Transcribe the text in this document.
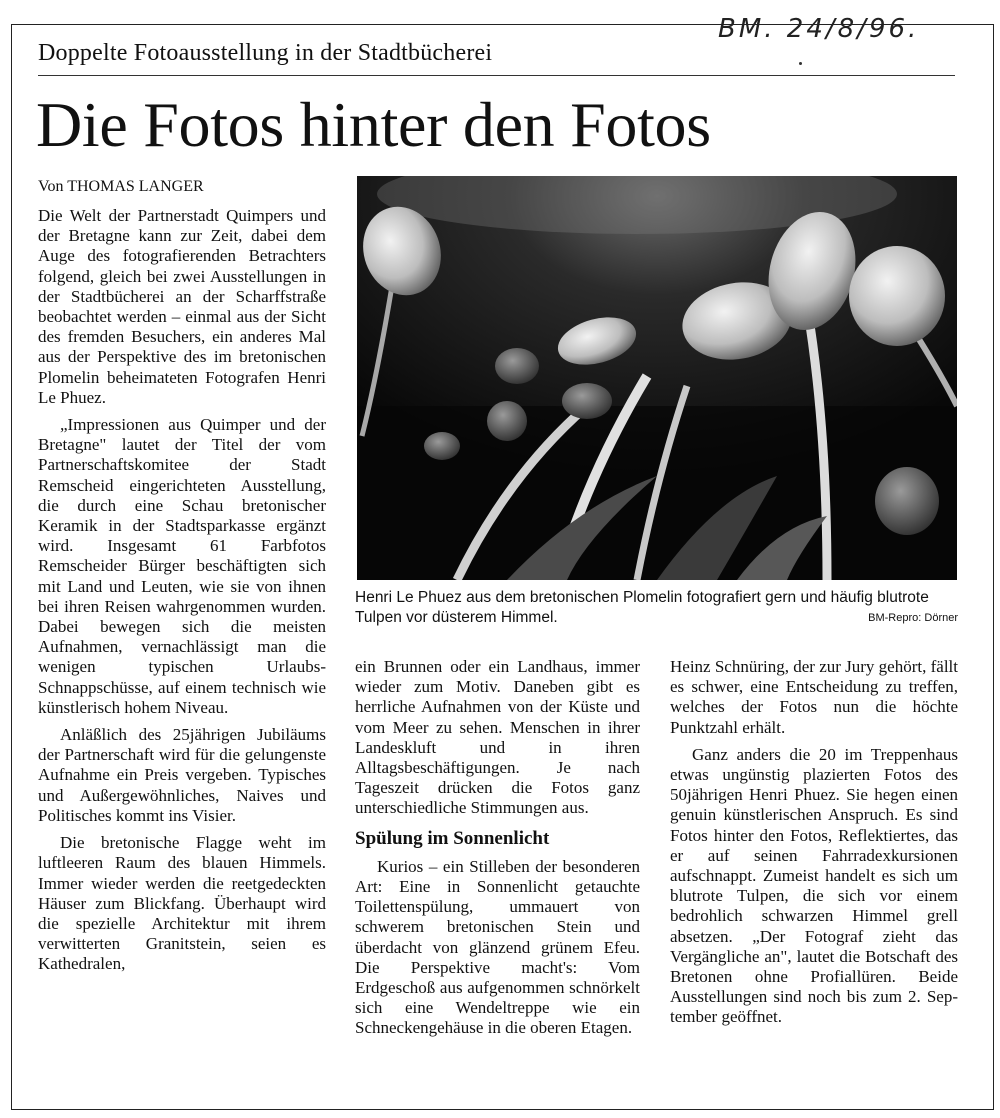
BM. 24/8/96.
Doppelte Fotoausstellung in der Stadtbücherei
Die Fotos hinter den Fotos
Von THOMAS LANGER

Die Welt der Partnerstadt Quimpers und der Bretagne kann zur Zeit, dabei dem Auge des fotografierenden Betrachters folgend, gleich bei zwei Ausstellungen in der Stadtbücherei an der Scharffstraße beobachtet werden – einmal aus der Sicht des fremden Besuchers, ein anderes Mal aus der Perspektive des im bretonischen Plomelin beheimateten Fotografen Henri Le Phuez.

„Impressionen aus Quimper und der Bretagne" lautet der Titel der vom Partnerschaftskomitee der Stadt Remscheid eingerichteten Ausstellung, die durch eine Schau bretonischer Keramik in der Stadtsparkasse ergänzt wird. Insgesamt 61 Farbfotos Remscheider Bürger beschäftigten sich mit Land und Leuten, wie sie von ihnen bei ihren Reisen wahrgenommen wurden. Dabei bewegen sich die meisten Aufnahmen, vernachlässigt man die wenigen typischen Urlaubs-Schnappschüsse, auf einem technisch wie künstlerisch hohem Niveau.

Anläßlich des 25jährigen Jubiläums der Partnerschaft wird für die gelungenste Aufnahme ein Preis vergeben. Typisches und Außergewöhnliches, Naives und Politisches kommt ins Visier.

Die bretonische Flagge weht im luftleeren Raum des blauen Himmels. Immer wieder werden die reetgedeckten Häuser zum Blickfang. Überhaupt wird die spezielle Architektur mit ihrem verwitterten Granitstein, seien es Kathedralen,

Henri Le Phuez aus dem bretonischen Plomelin fotografiert gern und häufig blutrote Tulpen vor düsterem Himmel.	BM-Repro: Dörner

ein Brunnen oder ein Landhaus, immer wieder zum Motiv. Daneben gibt es herrliche Aufnahmen von der Küste und vom Meer zu sehen. Menschen in ihrer Landeskluft und in ihren Alltagsbeschäftigungen. Je nach Tageszeit drücken die Fotos ganz unterschiedliche Stimmungen aus.

Spülung im Sonnenlicht

Kurios – ein Stilleben der besonderen Art: Eine in Sonnenlicht getauchte Toilettenspülung, ummauert von schwerem bretonischen Stein und überdacht von glänzend grünem Efeu. Die Perspektive macht's: Vom Erdgeschoß aus aufgenommen schnörkelt sich eine Wendeltreppe wie ein Schneckengehäuse in die oberen Etagen.

Heinz Schnüring, der zur Jury gehört, fällt es schwer, eine Entscheidung zu treffen, welches der Fotos nun die höchte Punktzahl erhält.

Ganz anders die 20 im Treppenhaus etwas ungünstig plazierten Fotos des 50jährigen Henri Phuez. Sie hegen einen genuin künstlerischen Anspruch. Es sind Fotos hinter den Fotos, Reflektiertes, das er auf seinen Fahrradexkursionen aufschnappt. Zumeist handelt es sich um blutrote Tulpen, die sich vor einem bedrohlich schwarzen Himmel grell absetzen. „Der Fotograf zieht das Vergängliche an", lautet die Botschaft des Bretonen ohne Profiallüren. Beide Ausstellungen sind noch bis zum 2. September geöffnet.
